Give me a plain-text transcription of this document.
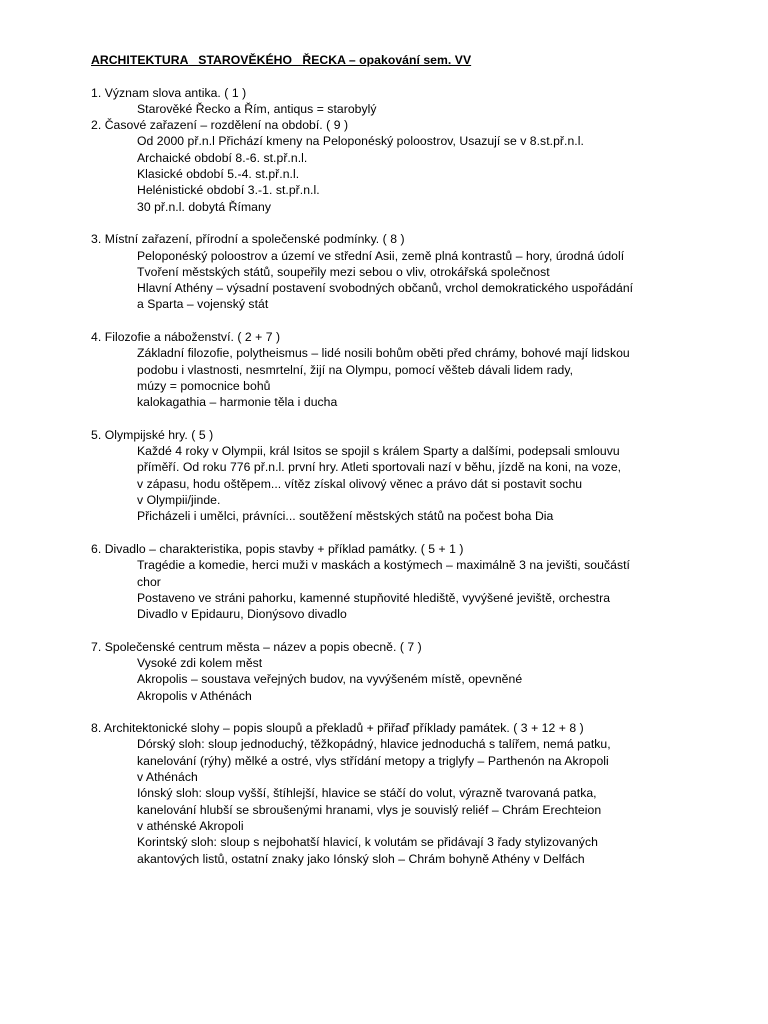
ARCHITEKTURA   STAROVĚKÉHO   ŘECKA – opakování sem. VV
1. Význam slova antika. ( 1 )
Starověké Řecko a Řím, antiqus = starobylý
2. Časové zařazení – rozdělení na období. ( 9 )
Od 2000 př.n.l Přichází kmeny na Peloponéský poloostrov, Usazují se v 8.st.př.n.l.
Archaické období 8.-6. st.př.n.l.
Klasické období 5.-4. st.př.n.l.
Helénistické období 3.-1. st.př.n.l.
30 př.n.l. dobytá Římany
3. Místní zařazení, přírodní a společenské podmínky. ( 8 )
Peloponéský poloostrov a území ve střední Asii, země plná kontrastů – hory, úrodná údolí
Tvoření městských států, soupeřily mezi sebou o vliv, otrokářská společnost
Hlavní Athény – výsadní postavení svobodných občanů, vrchol demokratického uspořádání
a Sparta – vojenský stát
4. Filozofie a náboženství. ( 2 + 7 )
Základní filozofie, polytheismus – lidé nosili bohům oběti před chrámy, bohové mají lidskou
podobu i vlastnosti, nesmrtelní, žijí na Olympu, pomocí věšteb dávali lidem rady,
múzy = pomocnice bohů
kalokagathia – harmonie těla i ducha
5. Olympijské hry. ( 5 )
Každé 4 roky v Olympii, král Isitos se spojil s králem Sparty a dalšími, podepsali smlouvu
příměří. Od roku 776 př.n.l. první hry. Atleti sportovali nazí v běhu, jízdě na koni, na voze,
v zápasu, hodu oštěpem... vítěz získal olivový věnec a právo dát si postavit sochu
v Olympii/jinde.
Přicházeli i umělci, právníci... soutěžení městských států na počest boha Dia
6. Divadlo – charakteristika, popis stavby + příklad památky. ( 5 + 1 )
Tragédie a komedie, herci muži v maskách a kostýmech – maximálně 3 na jevišti, součástí
chor
Postaveno ve stráni pahorku, kamenné stupňovité hlediště, vyvýšené jeviště, orchestra
Divadlo v Epidauru, Dionýsovo divadlo
7. Společenské centrum města – název a popis obecně. ( 7 )
Vysoké zdi kolem měst
Akropolis – soustava veřejných budov, na vyvýšeném místě, opevněné
Akropolis v Athénách
8. Architektonické slohy – popis sloupů a překladů + přiřaď příklady památek. ( 3 + 12 + 8 )
Dórský sloh: sloup jednoduchý, těžkopádný, hlavice jednoduchá s talířem, nemá patku,
kanelování (rýhy) mělké a ostré, vlys střídání metopy a triglyfy – Parthenón na Akropoli
v Athénách
Iónský sloh: sloup vyšší, štíhlejší, hlavice se stáčí do volut, výrazně tvarovaná patka,
kanelování hlubší se sbroušenými hranami, vlys je souvislý reliéf – Chrám Erechteion
v athénské Akropoli
Korintský sloh: sloup s nejbohatší hlavicí, k volutám se přidávají 3 řady stylizovaných
akantových listů, ostatní znaky jako Iónský sloh – Chrám bohyně Athény v Delfách
